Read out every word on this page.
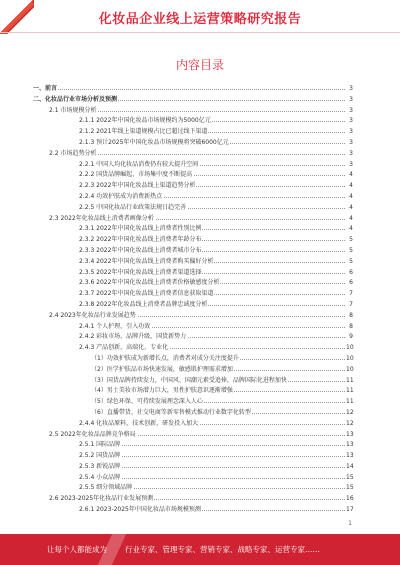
化妆品企业线上运营策略研究报告
内容目录
一、前言	3
二、化妆品行业市场分析及预测	3
2.1 市场规模分析	3
2.1.1 2022年中国化妆品市场规模约为5000亿元	3
2.1.2 2021年线上渠道规模占比已超过线下渠道	3
2.1.3 预计2025年中国化妆品市场规模将突破6000亿元	3
2.2 市场趋势分析	3
2.2.1 中国人均化妆品消费仍有较大提升空间	3
2.2.2 国货品牌崛起，市场集中度不断提高	4
2.2.3 2022年中国化妆品线上渠道趋势分析	4
2.2.4 功效护肤成为消费新热点	4
2.2.5 中国化妆品行业政策法规日趋完善	4
2.3 2022年化妆品线上消费者画像分析	4
2.3.1 2022年中国化妆品线上消费者性别比例	4
2.3.2 2022年中国化妆品线上消费者年龄分布	5
2.3.3 2022年中国化妆品线上消费者城市分布	5
2.3.4 2022年中国化妆品线上消费者购买偏好分析	5
2.3.5 2022年中国化妆品线上消费者渠道选择	6
2.3.6 2022年中国化妆品线上消费者价格敏感度分析	6
2.3.7 2022年中国化妆品线上消费者信息获取渠道	7
2.3.8 2022年化妆品线上消费者品牌忠诚度分析	7
2.4 2023年化妆品行业发展趋势	8
2.4.1 个人护理，引入功效	8
2.4.2 彩妆市场，品牌升级，国货新势力	9
2.4.3 产品创新，高端化，专业化	10
（1）功效护肤成为新增长点，消费者对成分关注度提升	10
（2）医学护肤品市场快速发展，敏感肌护理需求增加	10
（3）国货品牌持续发力，中国风、国潮元素受追捧，品牌国际化进程加快	11
（4）男士美妆市场潜力巨大，男性护肤意识逐渐增强	11
（5）绿色环保、可持续发展理念深入人心	11
（6）直播带货、社交电商等新零售模式推动行业数字化转型	12
2.4.4 化妆品原料，技术创新，研发投入加大	12
2.5 2022年化妆品品牌竞争格局	13
2.5.1 国际品牌	13
2.5.2 国货品牌	13
2.5.3 新锐品牌	14
2.5.4 小众品牌	15
2.5.5 细分领域品牌	15
2.6 2023-2025年化妆品行业发展预测	16
2.6.1 2023-2025年中国化妆品市场规模预测	17
1
让每个人都能成为 行业专家、管理专家、营销专家、战略专家、运营专家……
